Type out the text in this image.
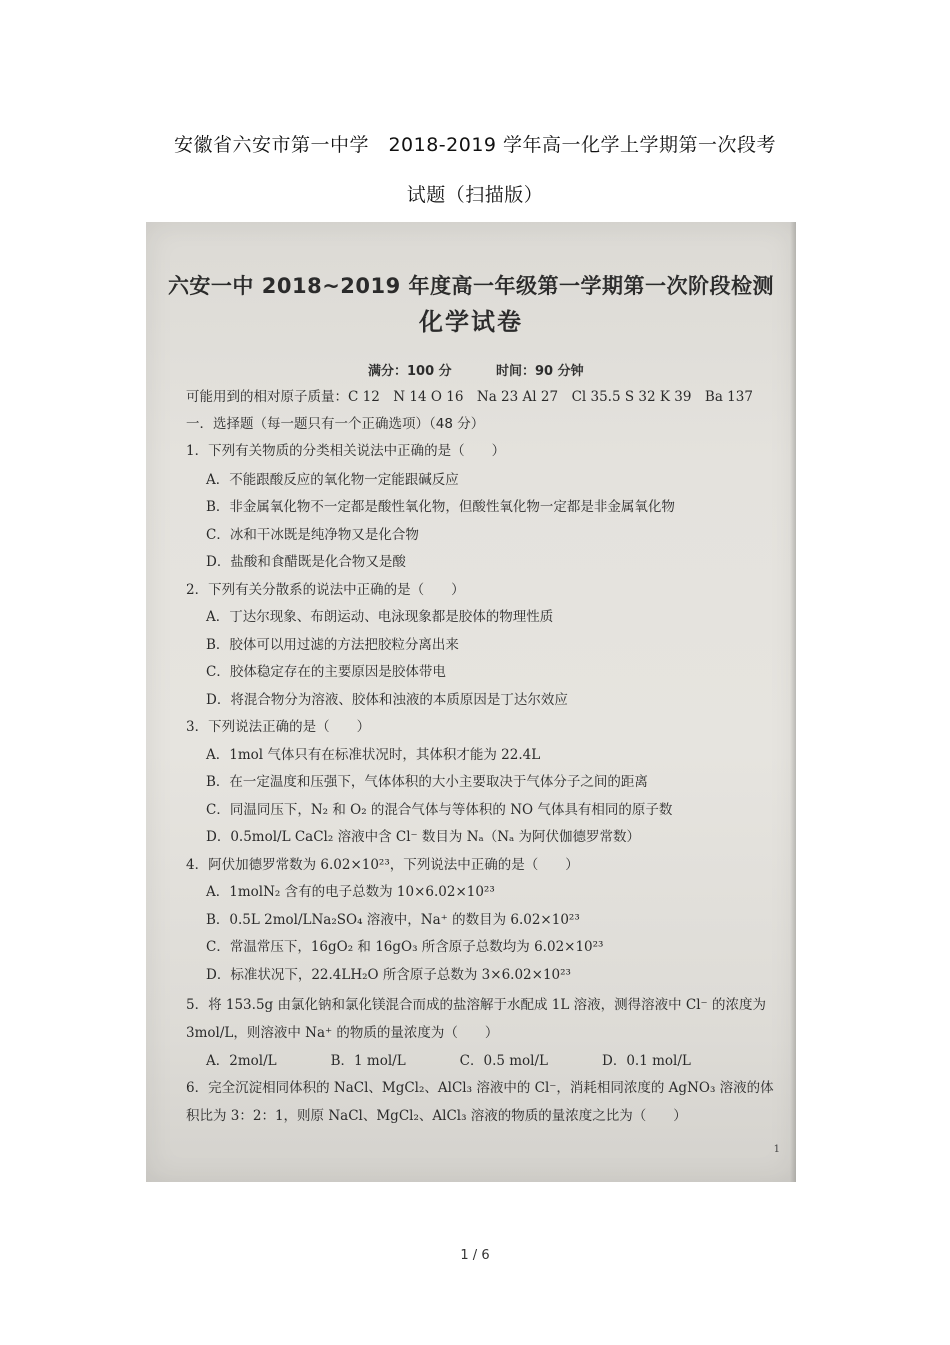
安徽省六安市第一中学　2018-2019 学年高一化学上学期第一次段考
试题（扫描版）
六安一中 2018~2019 年度高一年级第一学期第一次阶段检测
化学试卷
满分：100 分	时间：90 分钟
可能用到的相对原子质量：C 12　N 14 O 16　Na 23 Al 27　Cl 35.5 S 32 K 39　Ba 137
一．选择题（每一题只有一个正确选项）（48 分）
1．下列有关物质的分类相关说法中正确的是（　　）
A．不能跟酸反应的氧化物一定能跟碱反应
B．非金属氧化物不一定都是酸性氧化物，但酸性氧化物一定都是非金属氧化物
C．冰和干冰既是纯净物又是化合物
D．盐酸和食醋既是化合物又是酸
2．下列有关分散系的说法中正确的是（　　）
A．丁达尔现象、布朗运动、电泳现象都是胶体的物理性质
B．胶体可以用过滤的方法把胶粒分离出来
C．胶体稳定存在的主要原因是胶体带电
D．将混合物分为溶液、胶体和浊液的本质原因是丁达尔效应
3．下列说法正确的是（　　）
A．1mol 气体只有在标准状况时，其体积才能为 22.4L
B．在一定温度和压强下，气体体积的大小主要取决于气体分子之间的距离
C．同温同压下，N₂ 和 O₂ 的混合气体与等体积的 NO 气体具有相同的原子数
D．0.5mol/L CaCl₂ 溶液中含 Cl⁻ 数目为 Nₐ（Nₐ 为阿伏伽德罗常数）
4．阿伏加德罗常数为 6.02×10²³，下列说法中正确的是（　　）
A．1molN₂ 含有的电子总数为 10×6.02×10²³
B．0.5L 2mol/LNa₂SO₄ 溶液中，Na⁺ 的数目为 6.02×10²³
C．常温常压下，16gO₂ 和 16gO₃ 所含原子总数均为 6.02×10²³
D．标准状况下，22.4LH₂O 所含原子总数为 3×6.02×10²³
5．将 153.5g 由氯化钠和氯化镁混合而成的盐溶解于水配成 1L 溶液，测得溶液中 Cl⁻ 的浓度为
3mol/L，则溶液中 Na⁺ 的物质的量浓度为（　　）
A．2mol/L　　　　B．1 mol/L　　　　C．0.5 mol/L　　　　D．0.1 mol/L
6．完全沉淀相同体积的 NaCl、MgCl₂、AlCl₃ 溶液中的 Cl⁻，消耗相同浓度的 AgNO₃ 溶液的体
积比为 3：2：1，则原 NaCl、MgCl₂、AlCl₃ 溶液的物质的量浓度之比为（　　）
1
1 / 6
